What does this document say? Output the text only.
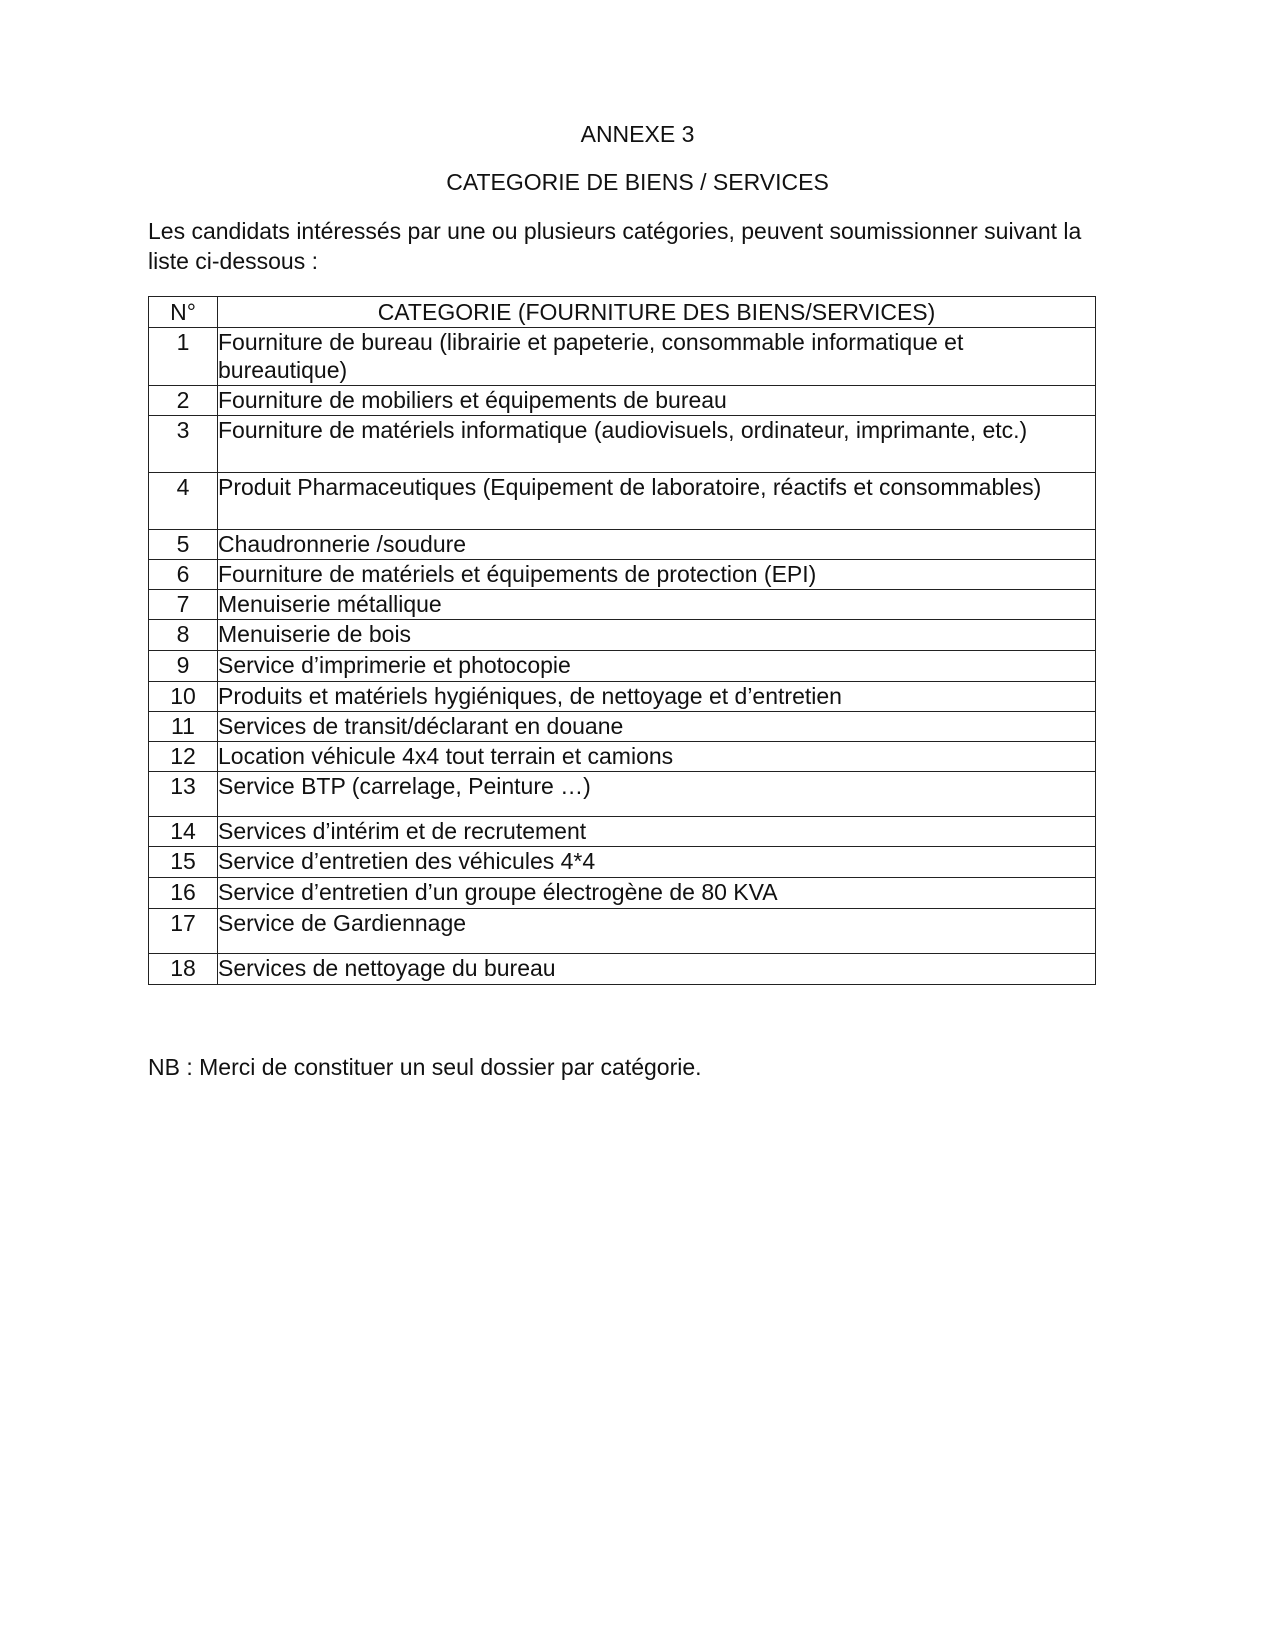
ANNEXE 3
CATEGORIE DE BIENS / SERVICES
Les candidats intéressés par une ou plusieurs catégories, peuvent soumissionner suivant la liste ci-dessous :
N°	CATEGORIE (FOURNITURE DES BIENS/SERVICES)
1	Fourniture de bureau (librairie et papeterie, consommable informatique et bureautique)
2	Fourniture de mobiliers et équipements de bureau
3	Fourniture de matériels informatique (audiovisuels, ordinateur, imprimante, etc.)
4	Produit Pharmaceutiques (Equipement de laboratoire, réactifs et consommables)
5	Chaudronnerie /soudure
6	Fourniture de matériels et équipements de protection (EPI)
7	Menuiserie métallique
8	Menuiserie de bois
9	Service d’imprimerie et photocopie
10	Produits et matériels hygiéniques, de nettoyage et d’entretien
11	Services de transit/déclarant en douane
12	Location véhicule 4x4 tout terrain et camions
13	Service BTP (carrelage, Peinture …)
14	Services d’intérim et de recrutement
15	Service d’entretien des véhicules 4*4
16	Service d’entretien d’un groupe électrogène de 80 KVA
17	Service de Gardiennage
18	Services de nettoyage du bureau
NB : Merci de constituer un seul dossier par catégorie.
